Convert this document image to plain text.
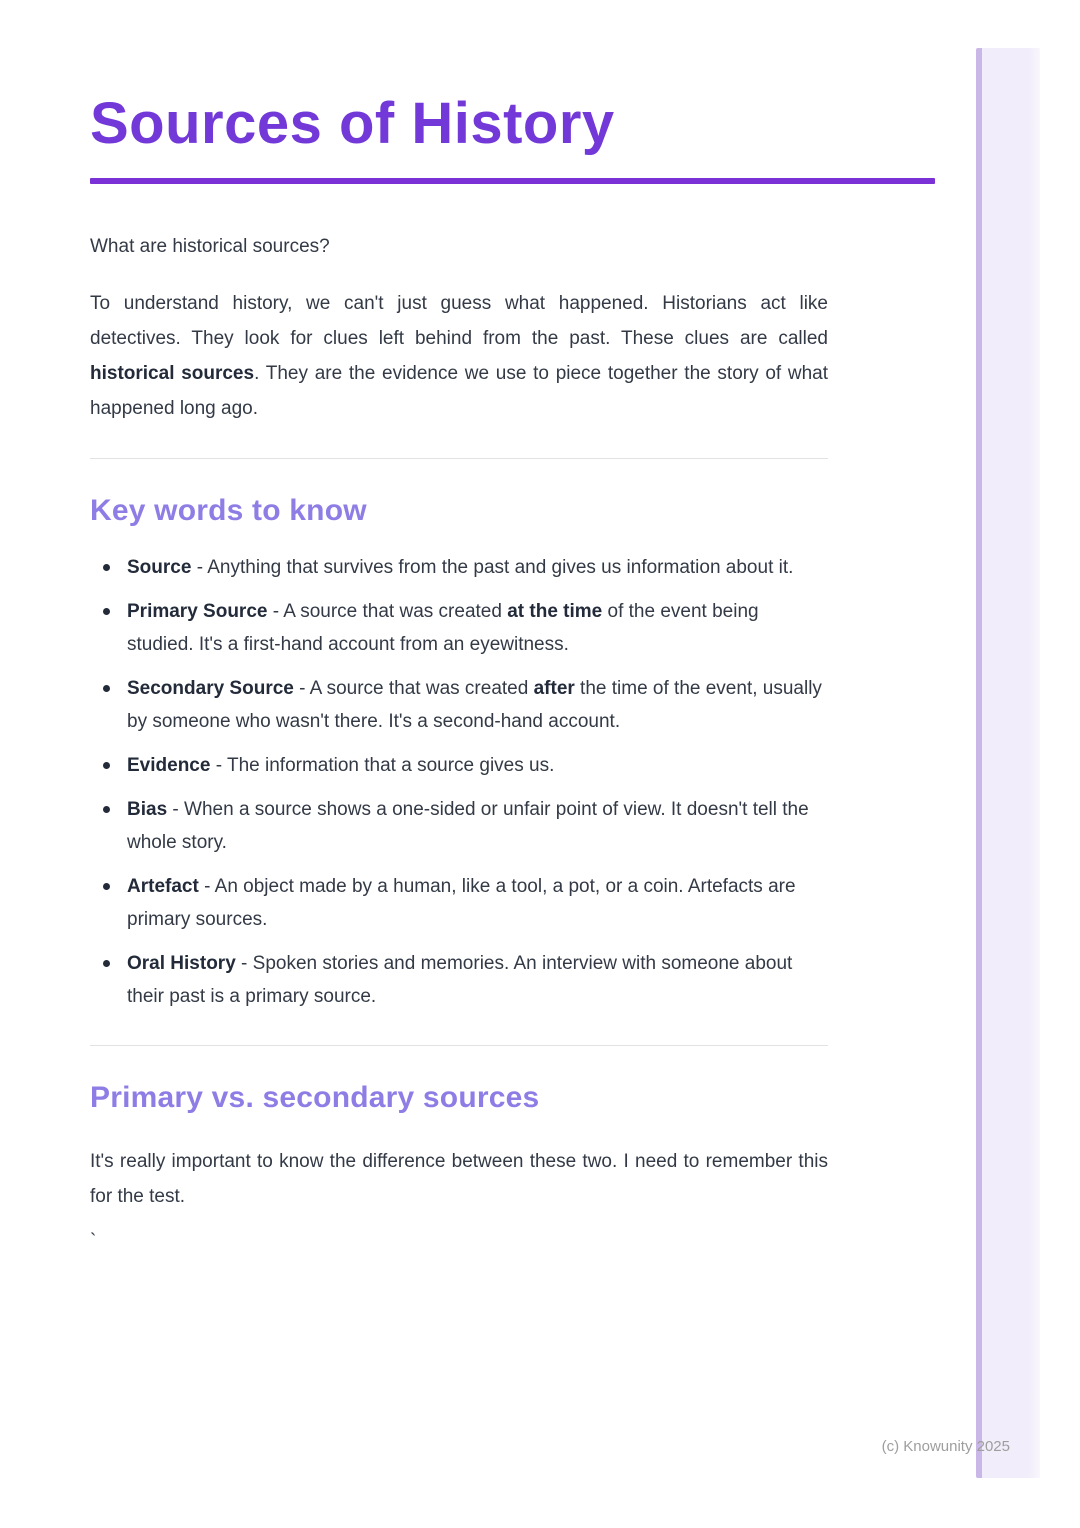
Sources of History

What are historical sources?

To understand history, we can't just guess what happened. Historians act like detectives. They look for clues left behind from the past. These clues are called historical sources. They are the evidence we use to piece together the story of what happened long ago.

Key words to know
Source - Anything that survives from the past and gives us information about it.
Primary Source - A source that was created at the time of the event being studied. It's a first-hand account from an eyewitness.
Secondary Source - A source that was created after the time of the event, usually by someone who wasn't there. It's a second-hand account.
Evidence - The information that a source gives us.
Bias - When a source shows a one-sided or unfair point of view. It doesn't tell the whole story.
Artefact - An object made by a human, like a tool, a pot, or a coin. Artefacts are primary sources.
Oral History - Spoken stories and memories. An interview with someone about their past is a primary source.
Primary vs. secondary sources

It's really important to know the difference between these two. I need to remember this for the test.

`

(c) Knowunity 2025
